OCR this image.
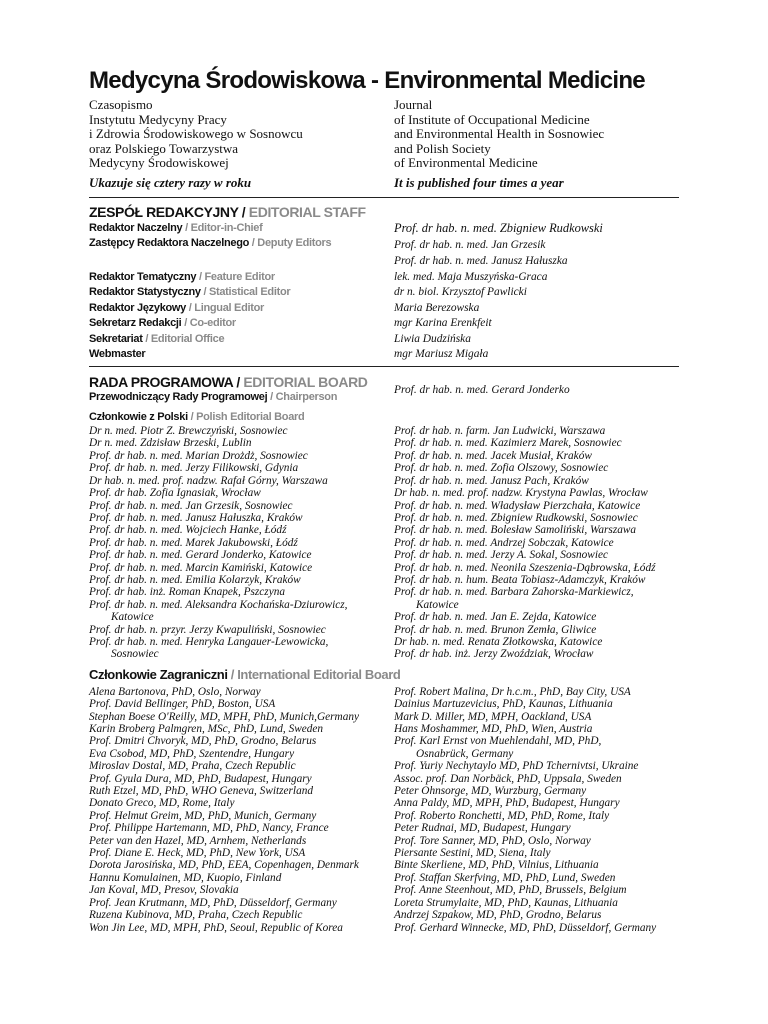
Medycyna Środowiskowa - Environmental Medicine
Czasopismo
Instytutu Medycyny Pracy
i Zdrowia Środowiskowego w Sosnowcu
oraz Polskiego Towarzystwa
Medycyny Środowiskowej
Ukazuje się cztery razy w roku
Journal
of Institute of Occupational Medicine
and Environmental Health in Sosnowiec
and Polish Society
of Environmental Medicine
It is published four times a year
ZESPÓŁ REDAKCYJNY / EDITORIAL STAFF
Redaktor Naczelny / Editor-in-Chief	Prof. dr hab. n. med. Zbigniew Rudkowski
Zastępcy Redaktora Naczelnego / Deputy Editors	Prof. dr hab. n. med. Jan Grzesik
Prof. dr hab. n. med. Janusz Hałuszka
Redaktor Tematyczny / Feature Editor	lek. med. Maja Muszyńska-Graca
Redaktor Statystyczny / Statistical Editor	dr n. biol. Krzysztof Pawlicki
Redaktor Językowy / Lingual Editor	Maria Berezowska
Sekretarz Redakcji / Co-editor	mgr Karina Erenkfeit
Sekretariat / Editorial Office	Liwia Dudzińska
Webmaster	mgr Mariusz Migała
RADA PROGRAMOWA / EDITORIAL BOARD
Przewodniczący Rady Programowej / Chairperson
Prof. dr hab. n. med. Gerard Jonderko
Członkowie z Polski / Polish Editorial Board
Dr n. med. Piotr Z. Brewczyński, Sosnowiec
Dr n. med. Zdzisław Brzeski, Lublin
Prof. dr hab. n. med. Marian Drożdż, Sosnowiec
Prof. dr hab. n. med. Jerzy Filikowski, Gdynia
Dr hab. n. med. prof. nadzw. Rafał Górny, Warszawa
Prof. dr hab. Zofia Ignasiak, Wrocław
Prof. dr hab. n. med. Jan Grzesik, Sosnowiec
Prof. dr hab. n. med. Janusz Hałuszka, Kraków
Prof. dr hab. n. med. Wojciech Hanke, Łódź
Prof. dr hab. n. med. Marek Jakubowski, Łódź
Prof. dr hab. n. med. Gerard Jonderko, Katowice
Prof. dr hab. n. med. Marcin Kamiński, Katowice
Prof. dr hab. n. med. Emilia Kolarzyk, Kraków
Prof. dr hab. inż. Roman Knapek, Pszczyna
Prof. dr hab. n. med. Aleksandra Kochańska-Dziurowicz,
Katowice
Prof. dr hab. n. przyr. Jerzy Kwapuliński, Sosnowiec
Prof. dr hab. n. med. Henryka Langauer-Lewowicka,
Sosnowiec
Prof. dr hab. n. farm. Jan Ludwicki, Warszawa
Prof. dr hab. n. med. Kazimierz Marek, Sosnowiec
Prof. dr hab. n. med. Jacek Musiał, Kraków
Prof. dr hab. n. med. Zofia Olszowy, Sosnowiec
Prof. dr hab. n. med. Janusz Pach, Kraków
Dr hab. n. med. prof. nadzw. Krystyna Pawlas, Wrocław
Prof. dr hab. n. med. Władysław Pierzchała, Katowice
Prof. dr hab. n. med. Zbigniew Rudkowski, Sosnowiec
Prof. dr hab. n. med. Bolesław Samoliński, Warszawa
Prof. dr hab. n. med. Andrzej Sobczak, Katowice
Prof. dr hab. n. med. Jerzy A. Sokal, Sosnowiec
Prof. dr hab. n. med. Neonila Szeszenia-Dąbrowska, Łódź
Prof. dr hab. n. hum. Beata Tobiasz-Adamczyk, Kraków
Prof. dr hab. n. med. Barbara Zahorska-Markiewicz,
Katowice
Prof. dr hab. n. med. Jan E. Zejda, Katowice
Prof. dr hab. n. med. Brunon Zemła, Gliwice
Dr hab. n. med. Renata Złotkowska, Katowice
Prof. dr hab. inż. Jerzy Zwoździak, Wrocław
Członkowie Zagraniczni / International Editorial Board
Alena Bartonova, PhD, Oslo, Norway
Prof. David Bellinger, PhD, Boston, USA
Stephan Boese O'Reilly, MD, MPH, PhD, Munich,Germany
Karin Broberg Palmgren, MSc, PhD, Lund, Sweden
Prof. Dmitri Chvoryk, MD, PhD, Grodno, Belarus
Eva Csobod, MD, PhD, Szentendre, Hungary
Miroslav Dostal, MD, Praha, Czech Republic
Prof. Gyula Dura, MD, PhD, Budapest, Hungary
Ruth Etzel, MD, PhD, WHO Geneva, Switzerland
Donato Greco, MD, Rome, Italy
Prof. Helmut Greim, MD, PhD, Munich, Germany
Prof. Philippe Hartemann, MD, PhD, Nancy, France
Peter van den Hazel, MD, Arnhem, Netherlands
Prof. Diane E. Heck, MD, PhD, New York, USA
Dorota Jarosińska, MD, PhD, EEA, Copenhagen, Denmark
Hannu Komulainen, MD, Kuopio, Finland
Jan Koval, MD, Presov, Slovakia
Prof. Jean Krutmann, MD, PhD, Düsseldorf, Germany
Ruzena Kubinova, MD, Praha, Czech Republic
Won Jin Lee, MD, MPH, PhD, Seoul, Republic of Korea
Prof. Robert Malina, Dr h.c.m., PhD, Bay City, USA
Dainius Martuzevicius, PhD, Kaunas, Lithuania
Mark D. Miller, MD, MPH, Oackland, USA
Hans Moshammer, MD, PhD, Wien, Austria
Prof. Karl Ernst von Muehlendahl, MD, PhD,
Osnabrück, Germany
Prof. Yuriy Nechytaylo MD, PhD Tchernivtsi, Ukraine
Assoc. prof. Dan Norbäck, PhD, Uppsala, Sweden
Peter Ohnsorge, MD, Wurzburg, Germany
Anna Paldy, MD, MPH, PhD, Budapest, Hungary
Prof. Roberto Ronchetti, MD, PhD, Rome, Italy
Peter Rudnai, MD, Budapest, Hungary
Prof. Tore Sanner, MD, PhD, Oslo, Norway
Piersante Sestini, MD, Siena, Italy
Binte Skerliene, MD, PhD, Vilnius, Lithuania
Prof. Staffan Skerfving, MD, PhD, Lund, Sweden
Prof. Anne Steenhout, MD, PhD, Brussels, Belgium
Loreta Strumylaite, MD, PhD, Kaunas, Lithuania
Andrzej Szpakow, MD, PhD, Grodno, Belarus
Prof. Gerhard Winnecke, MD, PhD, Düsseldorf, Germany
